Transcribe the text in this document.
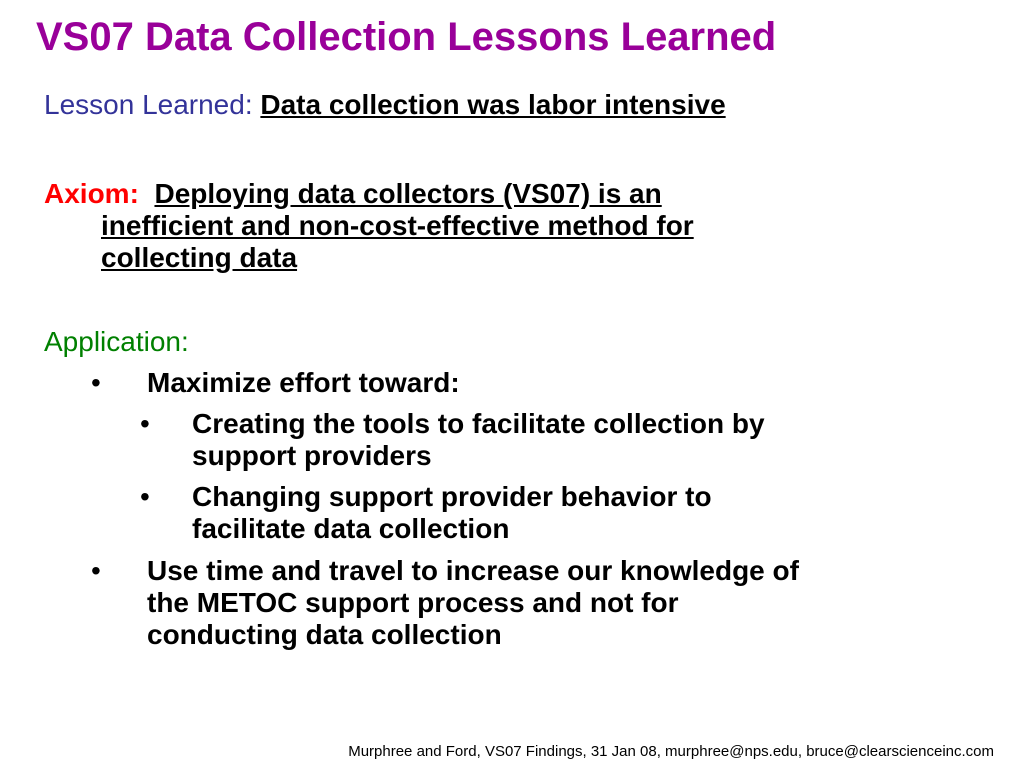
VS07 Data Collection Lessons Learned
Lesson Learned: Data collection was labor intensive
Axiom: Deploying data collectors (VS07) is an
inefficient and non-cost-effective method for
collecting data
Application:
• Maximize effort toward:
• Creating the tools to facilitate collection by
support providers
• Changing support provider behavior to
facilitate data collection
• Use time and travel to increase our knowledge of
the METOC support process and not for
conducting data collection
Murphree and Ford, VS07 Findings, 31 Jan 08, murphree@nps.edu, bruce@clearscienceinc.com
